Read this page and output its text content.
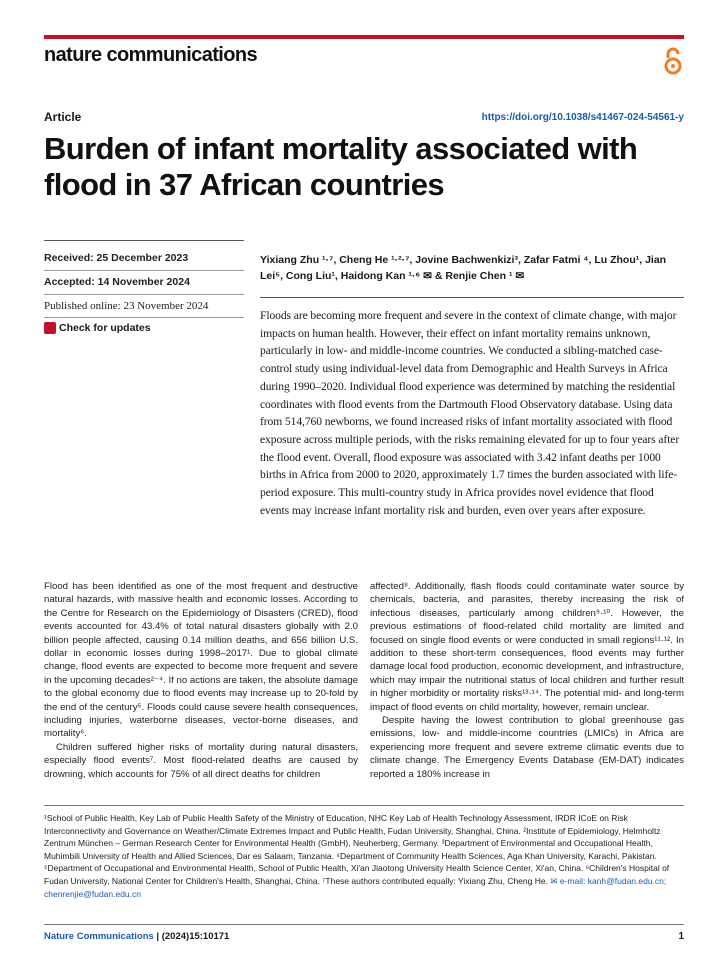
nature communications
Article	https://doi.org/10.1038/s41467-024-54561-y
Burden of infant mortality associated with flood in 37 African countries
Received: 25 December 2023
Accepted: 14 November 2024
Published online: 23 November 2024
Check for updates
Yixiang Zhu ¹·⁷, Cheng He ¹·²·⁷, Jovine Bachwenkizi³, Zafar Fatmi ⁴, Lu Zhou¹, Jian Lei⁵, Cong Liu¹, Haidong Kan ¹·⁶ ✉ & Renjie Chen ¹ ✉
Floods are becoming more frequent and severe in the context of climate change, with major impacts on human health. However, their effect on infant mortality remains unknown, particularly in low- and middle-income countries. We conducted a sibling-matched case-control study using individual-level data from Demographic and Health Surveys in Africa during 1990–2020. Individual flood experience was determined by matching the residential coordinates with flood events from the Dartmouth Flood Observatory database. Using data from 514,760 newborns, we found increased risks of infant mortality associated with flood exposure across multiple periods, with the risks remaining elevated for up to four years after the flood event. Overall, flood exposure was associated with 3.42 infant deaths per 1000 births in Africa from 2000 to 2020, approximately 1.7 times the burden associated with life-period exposure. This multi-country study in Africa provides novel evidence that flood events may increase infant mortality risk and burden, even over years after exposure.

Flood has been identified as one of the most frequent and destructive natural hazards, with massive health and economic losses. According to the Centre for Research on the Epidemiology of Disasters (CRED), flood events accounted for 43.4% of total natural disasters globally with 2.0 billion people affected, causing 0.14 million deaths, and 656 billion U.S. dollar in economic losses during 1998–2017¹. Due to global climate change, flood events are expected to become more frequent and severe in the upcoming decades²⁻⁴. If no actions are taken, the absolute damage to the global economy due to flood events may increase up to 20-fold by the end of the century⁵. Floods could cause severe health consequences, including injuries, waterborne diseases, vector-borne diseases, and mortality⁶.

Children suffered higher risks of mortality during natural disasters, especially flood events⁷. Most flood-related deaths are caused by drowning, which accounts for 75% of all direct deaths for children

affected⁸. Additionally, flash floods could contaminate water source by chemicals, bacteria, and parasites, thereby increasing the risk of infectious diseases, particularly among children⁹·¹⁰. However, the previous estimations of flood-related child mortality are limited and focused on single flood events or were conducted in small regions¹¹·¹². In addition to these short-term consequences, flood events may further damage local food production, economic development, and infrastructure, which may impair the nutritional status of local children and further result in higher morbidity or mortality risks¹³·¹⁴. The potential mid- and long-term impact of flood events on child mortality, however, remain unclear.

Despite having the lowest contribution to global greenhouse gas emissions, low- and middle-income countries (LMICs) in Africa are experiencing more frequent and severe extreme climatic events due to climate change. The Emergency Events Database (EM-DAT) indicates reported a 180% increase in

¹School of Public Health, Key Lab of Public Health Safety of the Ministry of Education, NHC Key Lab of Health Technology Assessment, IRDR ICoE on Risk Interconnectivity and Governance on Weather/Climate Extremes Impact and Public Health, Fudan University, Shanghai, China. ²Institute of Epidemiology, Helmholtz Zentrum München – German Research Center for Environmental Health (GmbH), Neuherberg, Germany. ³Department of Environmental and Occupational Health, Muhimbili University of Health and Allied Sciences, Dar es Salaam, Tanzania. ⁴Department of Community Health Sciences, Aga Khan University, Karachi, Pakistan. ⁵Department of Occupational and Environmental Health, School of Public Health, Xi'an Jiaotong University Health Science Center, Xi'an, China. ⁶Children's Hospital of Fudan University, National Center for Children's Health, Shanghai, China. ⁷These authors contributed equally: Yixiang Zhu, Cheng He. ✉ e-mail: kanh@fudan.edu.cn; chenrenjie@fudan.edu.cn
Nature Communications | (2024)15:10171	1
